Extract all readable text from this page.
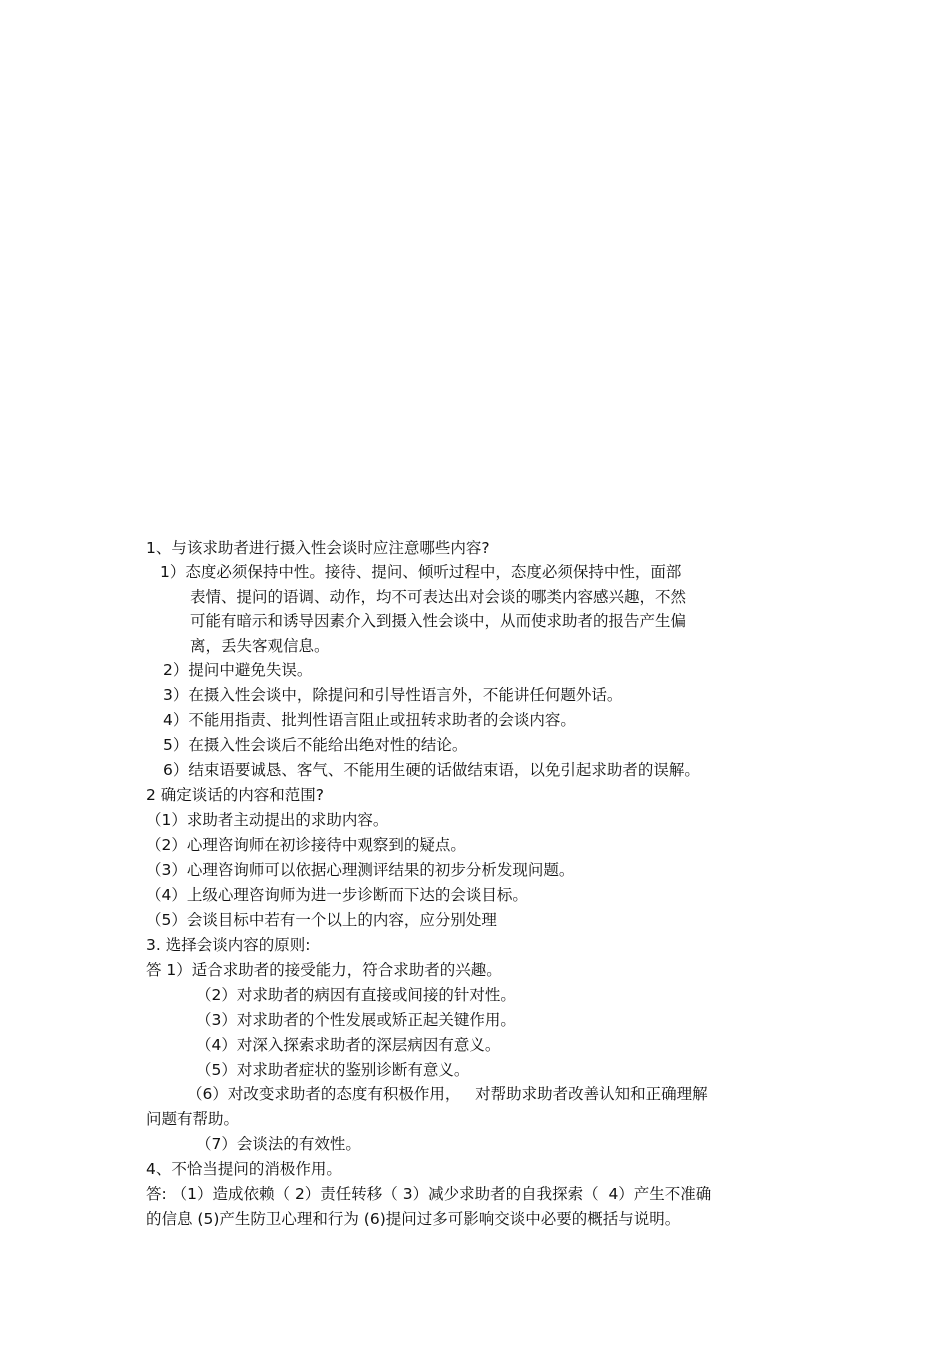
1、与该求助者进行摄入性会谈时应注意哪些内容?
1）态度必须保持中性。接待、提问、倾听过程中，态度必须保持中性，面部
表情、提问的语调、动作，均不可表达出对会谈的哪类内容感兴趣，不然
可能有暗示和诱导因素介入到摄入性会谈中，从而使求助者的报告产生偏
离，丢失客观信息。
2）提问中避免失误。
3）在摄入性会谈中，除提问和引导性语言外，不能讲任何题外话。
4）不能用指责、批判性语言阻止或扭转求助者的会谈内容。
5）在摄入性会谈后不能给出绝对性的结论。
6）结束语要诚恳、客气、不能用生硬的话做结束语，以免引起求助者的误解。
2 确定谈话的内容和范围?
（1）求助者主动提出的求助内容。
（2）心理咨询师在初诊接待中观察到的疑点。
（3）心理咨询师可以依据心理测评结果的初步分析发现问题。
（4）上级心理咨询师为进一步诊断而下达的会谈目标。
（5）会谈目标中若有一个以上的内容，应分别处理
3. 选择会谈内容的原则:
答 1）适合求助者的接受能力，符合求助者的兴趣。
（2）对求助者的病因有直接或间接的针对性。
（3）对求助者的个性发展或矫正起关键作用。
（4）对深入探索求助者的深层病因有意义。
（5）对求助者症状的鉴别诊断有意义。
（6）对改变求助者的态度有积极作用，   对帮助求助者改善认知和正确理解
问题有帮助。
（7）会谈法的有效性。
4、不恰当提问的消极作用。
答: （1）造成依赖（ 2）责任转移（ 3）减少求助者的自我探索（  4）产生不准确
的信息 (5)产生防卫心理和行为 (6)提问过多可影响交谈中必要的概括与说明。
